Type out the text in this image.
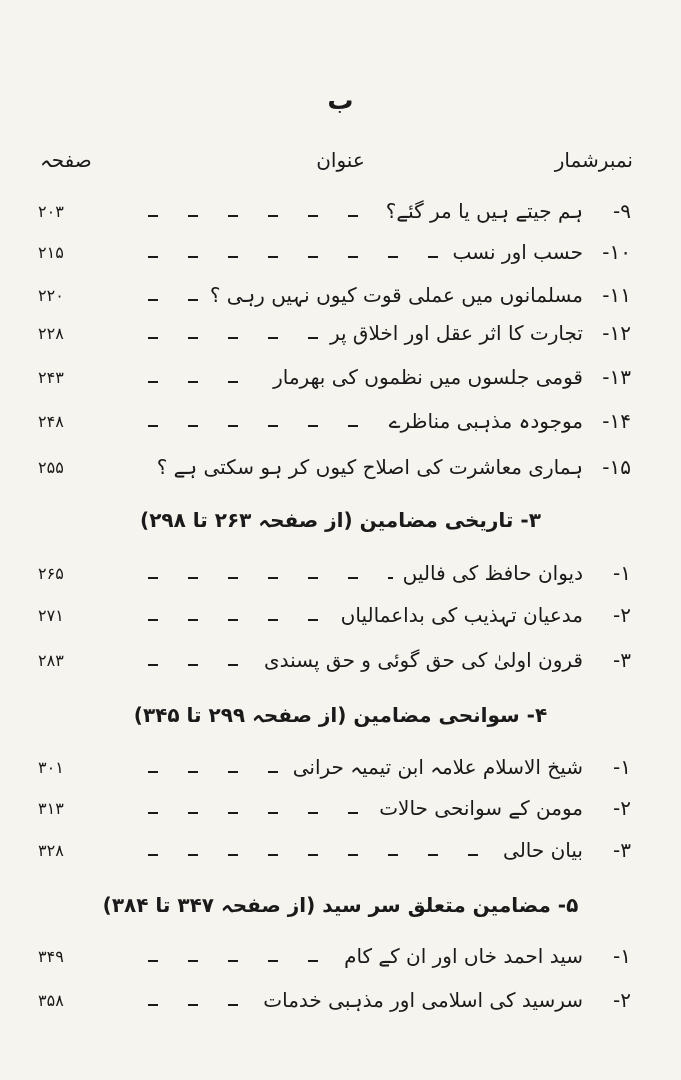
ب
نمبرشمار
عنوان
صفحہ
۹-
ہم جیتے ہیں یا مر گئے؟
۲۰۳
۱۰-
حسب اور نسب
۲۱۵
۱۱-
مسلمانوں میں عملی قوت کیوں نہیں رہی ؟
۲۲۰
۱۲-
تجارت کا اثر عقل اور اخلاق پر
۲۲۸
۱۳-
قومی جلسوں میں نظموں کی بھرمار
۲۴۳
۱۴-
موجودہ مذہبی مناظرے
۲۴۸
۱۵-
ہماری معاشرت کی اصلاح کیوں کر ہو سکتی ہے ؟
۲۵۵
۳- تاریخی مضامین (از صفحہ ۲۶۳ تا ۲۹۸)
۱-
دیوان حافظ کی فالیں
۲۶۵
۲-
مدعیان تہذیب کی بداعمالیاں
۲۷۱
۳-
قرون اولیٰ کی حق گوئی و حق پسندی
۲۸۳
۴- سوانحی مضامین (از صفحہ ۲۹۹ تا ۳۴۵)
۱-
شیخ الاسلام علامہ ابن تیمیہ حرانی
۳۰۱
۲-
مومن کے سوانحی حالات
۳۱۳
۳-
بیان حالی
۳۲۸
۵- مضامین متعلق سر سید (از صفحہ ۳۴۷ تا ۳۸۴)
۱-
سید احمد خاں اور ان کے کام
۳۴۹
۲-
سرسید کی اسلامی اور مذہبی خدمات
۳۵۸
